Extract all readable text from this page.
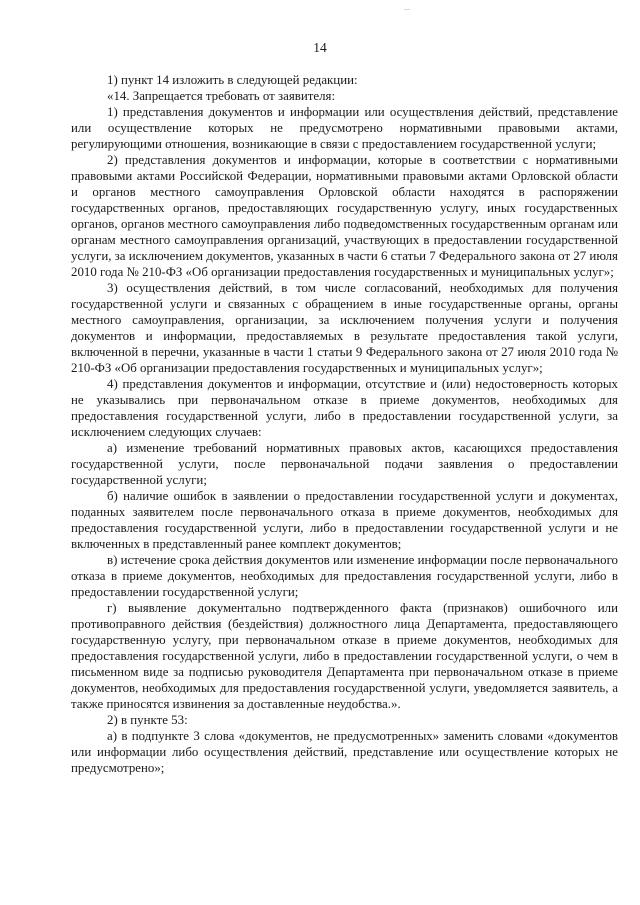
...
14

1) пункт 14 изложить в следующей редакции:

«14. Запрещается требовать от заявителя:

1) представления документов и информации или осуществления действий, представление или осуществление которых не предусмотрено нормативными правовыми актами, регулирующими отношения, возникающие в связи с предоставлением государственной услуги;

2) представления документов и информации, которые в соответствии с нормативными правовыми актами Российской Федерации, нормативными правовыми актами Орловской области и органов местного самоуправления Орловской области находятся в распоряжении государственных органов, предоставляющих государственную услугу, иных государственных органов, органов местного самоуправления либо подведомственных государственным органам или органам местного самоуправления организаций, участвующих в предоставлении государственной услуги, за исключением документов, указанных в части 6 статьи 7 Федерального закона от 27 июля 2010 года № 210-ФЗ «Об организации предоставления государственных и муниципальных услуг»;

3) осуществления действий, в том числе согласований, необходимых для получения государственной услуги и связанных с обращением в иные государственные органы, органы местного самоуправления, организации, за исключением получения услуги и получения документов и информации, предоставляемых в результате предоставления такой услуги, включенной в перечни, указанные в части 1 статьи 9 Федерального закона от 27 июля 2010 года № 210-ФЗ «Об организации предоставления государственных и муниципальных услуг»;

4) представления документов и информации, отсутствие и (или) недостоверность которых не указывались при первоначальном отказе в приеме документов, необходимых для предоставления государственной услуги, либо в предоставлении государственной услуги, за исключением следующих случаев:

а) изменение требований нормативных правовых актов, касающихся предоставления государственной услуги, после первоначальной подачи заявления о предоставлении государственной услуги;

б) наличие ошибок в заявлении о предоставлении государственной услуги и документах, поданных заявителем после первоначального отказа в приеме документов, необходимых для предоставления государственной услуги, либо в предоставлении государственной услуги и не включенных в представленный ранее комплект документов;

в) истечение срока действия документов или изменение информации после первоначального отказа в приеме документов, необходимых для предоставления государственной услуги, либо в предоставлении государственной услуги;

г) выявление документально подтвержденного факта (признаков) ошибочного или противоправного действия (бездействия) должностного лица Департамента, предоставляющего государственную услугу, при первоначальном отказе в приеме документов, необходимых для предоставления государственной услуги, либо в предоставлении государственной услуги, о чем в письменном виде за подписью руководителя Департамента при первоначальном отказе в приеме документов, необходимых для предоставления государственной услуги, уведомляется заявитель, а также приносятся извинения за доставленные неудобства.».

2) в пункте 53:

а) в подпункте 3 слова «документов, не предусмотренных» заменить словами «документов или информации либо осуществления действий, представление или осуществление которых не предусмотрено»;
